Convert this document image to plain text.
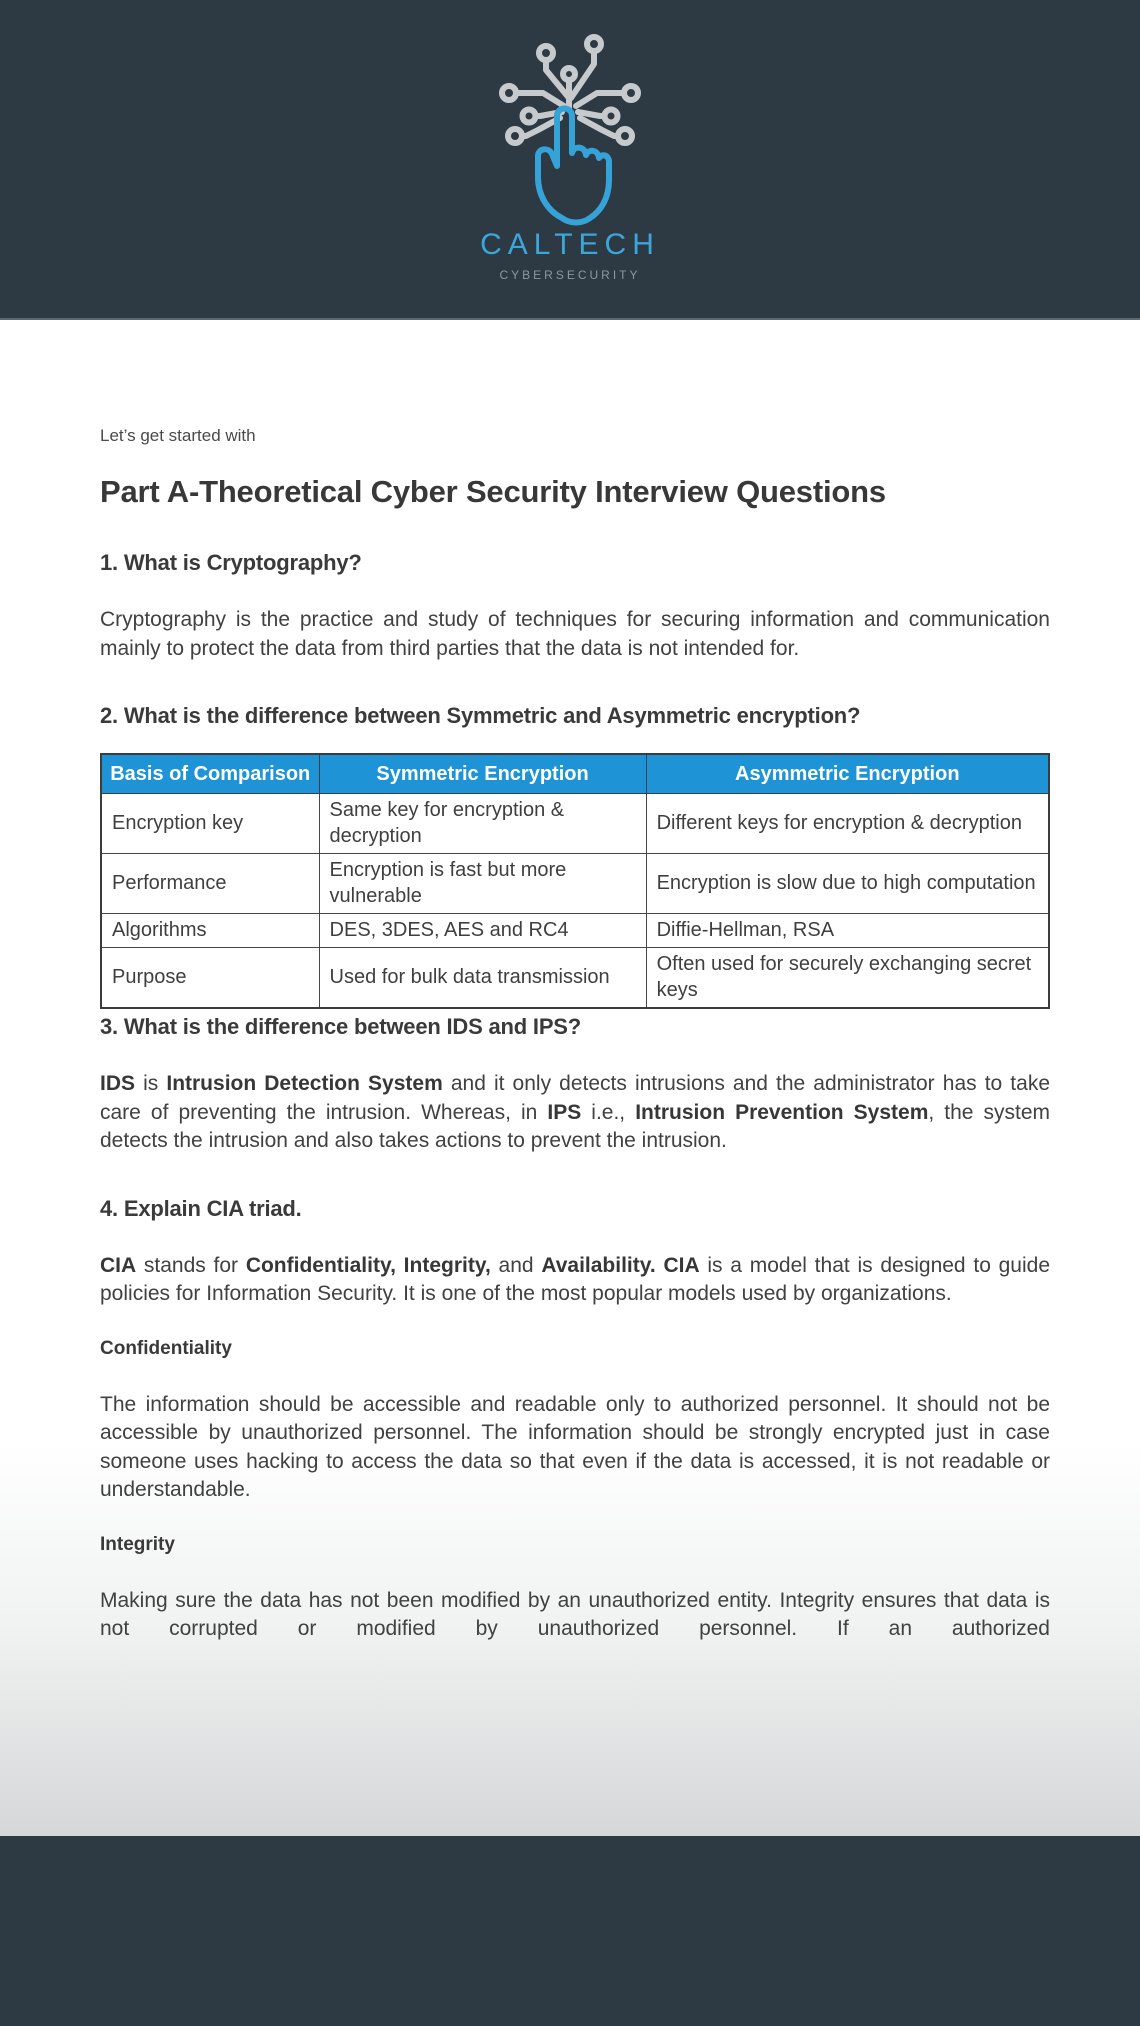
CALTECH
CYBERSECURITY

Let’s get started with

Part A-Theoretical Cyber Security Interview Questions
1. What is Cryptography?

Cryptography is the practice and study of techniques for securing information and communication mainly to protect the data from third parties that the data is not intended for.

2. What is the difference between Symmetric and Asymmetric encryption?
Basis of Comparison	Symmetric Encryption	Asymmetric Encryption
Encryption key	Same key for encryption & decryption	Different keys for encryption & decryption
Performance	Encryption is fast but more vulnerable	Encryption is slow due to high computation
Algorithms	DES, 3DES, AES and RC4	Diffie-Hellman, RSA
Purpose	Used for bulk data transmission	Often used for securely exchanging secret keys
3. What is the difference between IDS and IPS?

IDS is Intrusion Detection System and it only detects intrusions and the administrator has to take care of preventing the intrusion. Whereas, in IPS i.e., Intrusion Prevention System, the system detects the intrusion and also takes actions to prevent the intrusion.

4. Explain CIA triad.

CIA stands for Confidentiality, Integrity, and Availability. CIA is a model that is designed to guide policies for Information Security. It is one of the most popular models used by organizations.

Confidentiality

The information should be accessible and readable only to authorized personnel. It should not be accessible by unauthorized personnel. The information should be strongly encrypted just in case someone uses hacking to access the data so that even if the data is accessed, it is not readable or understandable.

Integrity

Making sure the data has not been modified by an unauthorized entity. Integrity ensures that data is not corrupted or modified by unauthorized personnel. If an authorized
